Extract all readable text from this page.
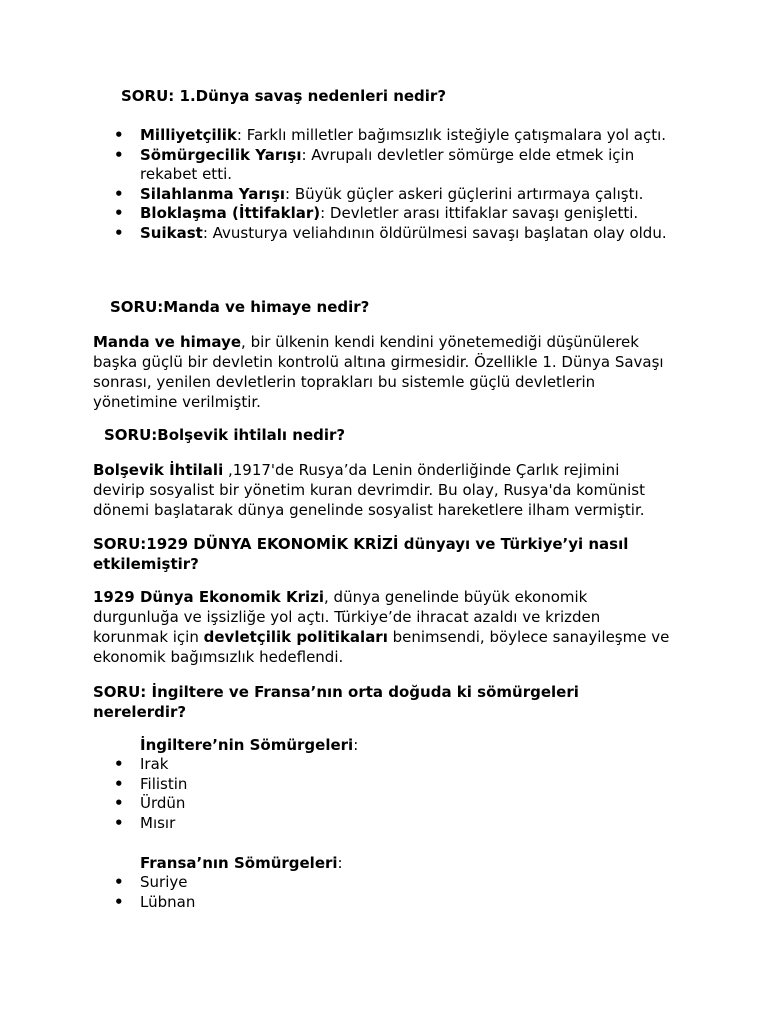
SORU: 1.Dünya savaş nedenleri nedir?
• Milliyetçilik: Farklı milletler bağımsızlık isteğiyle çatışmalara yol açtı.
• Sömürgecilik Yarışı: Avrupalı devletler sömürge elde etmek için rekabet etti.
• Silahlanma Yarışı: Büyük güçler askeri güçlerini artırmaya çalıştı.
• Bloklaşma (İttifaklar): Devletler arası ittifaklar savaşı genişletti.
• Suikast: Avusturya veliahdının öldürülmesi savaşı başlatan olay oldu.
SORU:Manda ve himaye nedir?
Manda ve himaye, bir ülkenin kendi kendini yönetemediği düşünülerek başka güçlü bir devletin kontrolü altına girmesidir. Özellikle 1. Dünya Savaşı sonrası, yenilen devletlerin toprakları bu sistemle güçlü devletlerin yönetimine verilmiştir.
SORU:Bolşevik ihtilalı nedir?
Bolşevik İhtilali ,1917'de Rusya’da Lenin önderliğinde Çarlık rejimini devirip sosyalist bir yönetim kuran devrimdir. Bu olay, Rusya'da komünist dönemi başlatarak dünya genelinde sosyalist hareketlere ilham vermiştir.
SORU:1929 DÜNYA EKONOMİK KRİZİ dünyayı ve Türkiye’yi nasıl etkilemiştir?
1929 Dünya Ekonomik Krizi, dünya genelinde büyük ekonomik durgunluğa ve işsizliğe yol açtı. Türkiye’de ihracat azaldı ve krizden korunmak için devletçilik politikaları benimsendi, böylece sanayileşme ve ekonomik bağımsızlık hedeflendi.
SORU: İngiltere ve Fransa’nın orta doğuda ki sömürgeleri nerelerdir?
İngiltere’nin Sömürgeleri:
• Irak
• Filistin
• Ürdün
• Mısır
Fransa’nın Sömürgeleri:
• Suriye
• Lübnan
